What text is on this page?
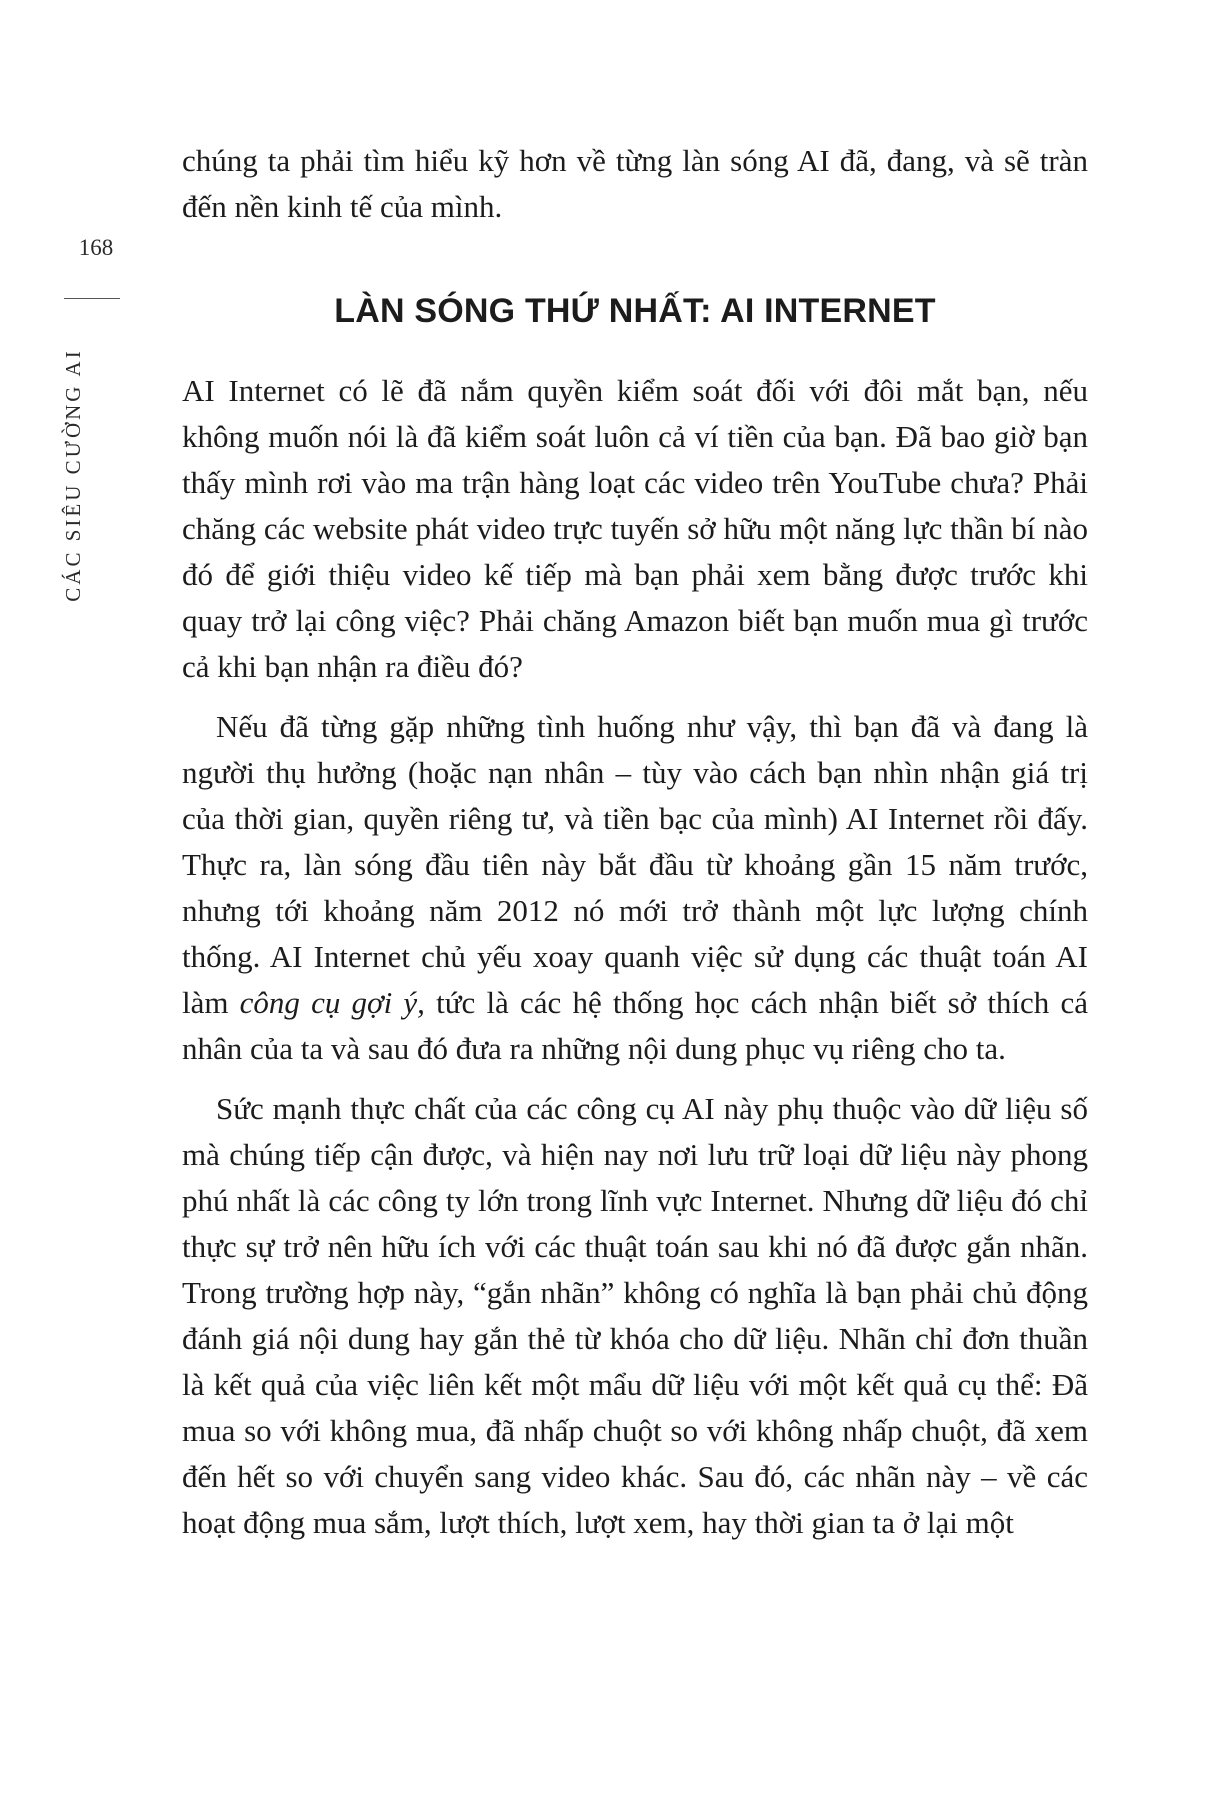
168
CÁC SIÊU CƯỜNG AI

chúng ta phải tìm hiểu kỹ hơn về từng làn sóng AI đã, đang, và sẽ tràn đến nền kinh tế của mình.

LÀN SÓNG THỨ NHẤT: AI INTERNET

AI Internet có lẽ đã nắm quyền kiểm soát đối với đôi mắt bạn, nếu không muốn nói là đã kiểm soát luôn cả ví tiền của bạn. Đã bao giờ bạn thấy mình rơi vào ma trận hàng loạt các video trên YouTube chưa? Phải chăng các website phát video trực tuyến sở hữu một năng lực thần bí nào đó để giới thiệu video kế tiếp mà bạn phải xem bằng được trước khi quay trở lại công việc? Phải chăng Amazon biết bạn muốn mua gì trước cả khi bạn nhận ra điều đó?

Nếu đã từng gặp những tình huống như vậy, thì bạn đã và đang là người thụ hưởng (hoặc nạn nhân – tùy vào cách bạn nhìn nhận giá trị của thời gian, quyền riêng tư, và tiền bạc của mình) AI Internet rồi đấy. Thực ra, làn sóng đầu tiên này bắt đầu từ khoảng gần 15 năm trước, nhưng tới khoảng năm 2012 nó mới trở thành một lực lượng chính thống. AI Internet chủ yếu xoay quanh việc sử dụng các thuật toán AI làm công cụ gợi ý, tức là các hệ thống học cách nhận biết sở thích cá nhân của ta và sau đó đưa ra những nội dung phục vụ riêng cho ta.

Sức mạnh thực chất của các công cụ AI này phụ thuộc vào dữ liệu số mà chúng tiếp cận được, và hiện nay nơi lưu trữ loại dữ liệu này phong phú nhất là các công ty lớn trong lĩnh vực Internet. Nhưng dữ liệu đó chỉ thực sự trở nên hữu ích với các thuật toán sau khi nó đã được gắn nhãn. Trong trường hợp này, “gắn nhãn” không có nghĩa là bạn phải chủ động đánh giá nội dung hay gắn thẻ từ khóa cho dữ liệu. Nhãn chỉ đơn thuần là kết quả của việc liên kết một mẩu dữ liệu với một kết quả cụ thể: Đã mua so với không mua, đã nhấp chuột so với không nhấp chuột, đã xem đến hết so với chuyển sang video khác. Sau đó, các nhãn này – về các hoạt động mua sắm, lượt thích, lượt xem, hay thời gian ta ở lại một
